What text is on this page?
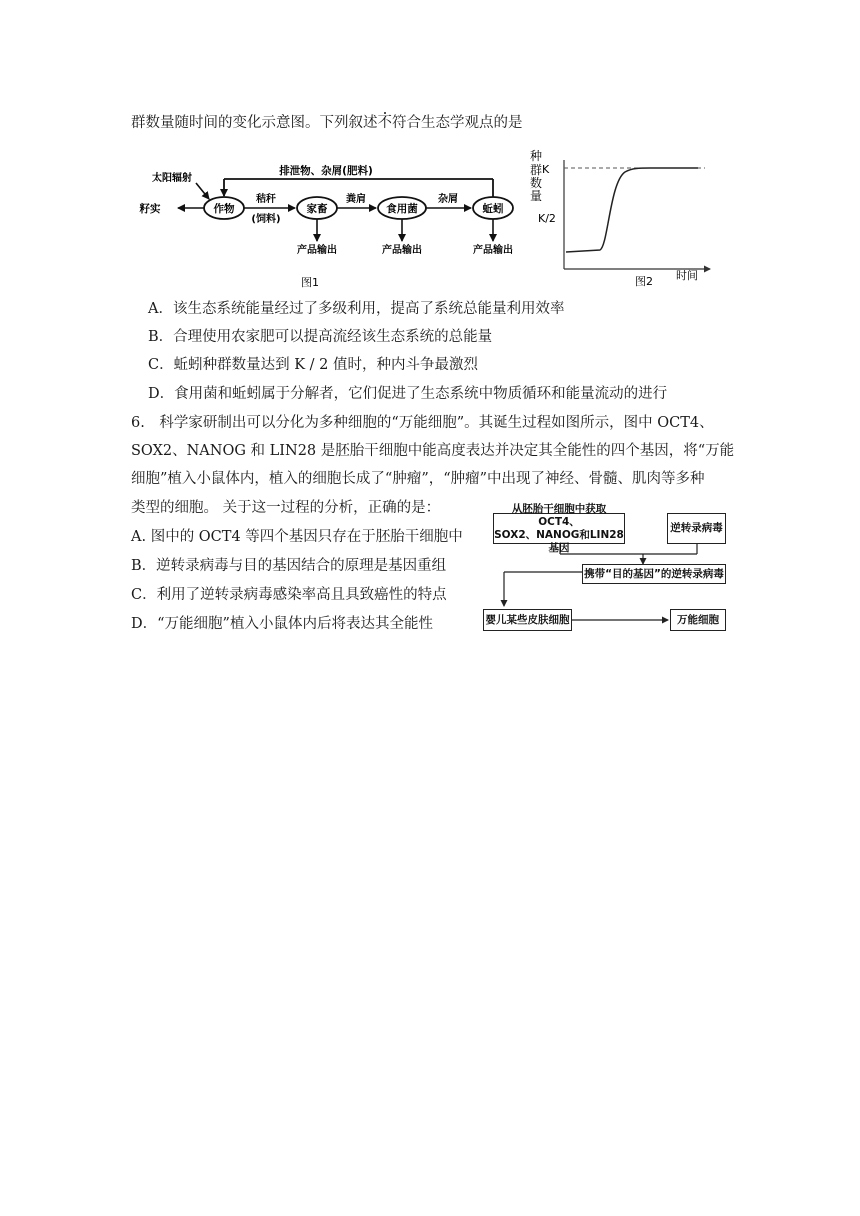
群数量随时间的变化示意图。下列叙述不符合生态学观点的是
排泄物、杂屑(肥料)
太阳辐射
籽实	作物
秸秆
(饲料)
家畜
粪肩
食用菌
杂屑
蚯蚓
产品输出	产品输出	产品输出
图1
种
群
数
量
K
K/2
图2 时间
A．该生态系统能量经过了多级利用，提高了系统总能量利用效率
B．合理使用农家肥可以提高流经该生态系统的总能量
C．蚯蚓种群数量达到 K / 2 值时，种内斗争最激烈
D．食用菌和蚯蚓属于分解者，它们促进了生态系统中物质循环和能量流动的进行
6.　科学家研制出可以分化为多种细胞的“万能细胞”。其诞生过程如图所示，图中 OCT4、
SOX2、NANOG 和 LIN28 是胚胎干细胞中能高度表达并决定其全能性的四个基因，将“万能
细胞”植入小鼠体内，植入的细胞长成了“肿瘤”，“肿瘤”中出现了神经、骨髓、肌肉等多种
类型的细胞。 关于这一过程的分析，正确的是：
A. 图中的 OCT4 等四个基因只存在于胚胎干细胞中
B．逆转录病毒与目的基因结合的原理是基因重组
C．利用了逆转录病毒感染率高且具致癌性的特点
D．“万能细胞”植入小鼠体内后将表达其全能性
从胚胎干细胞中获取OCT4、
SOX2、NANOG和LIN28基因
逆转录病毒
携带“目的基因”的逆转录病毒
婴儿某些皮肤细胞	万能细胞
